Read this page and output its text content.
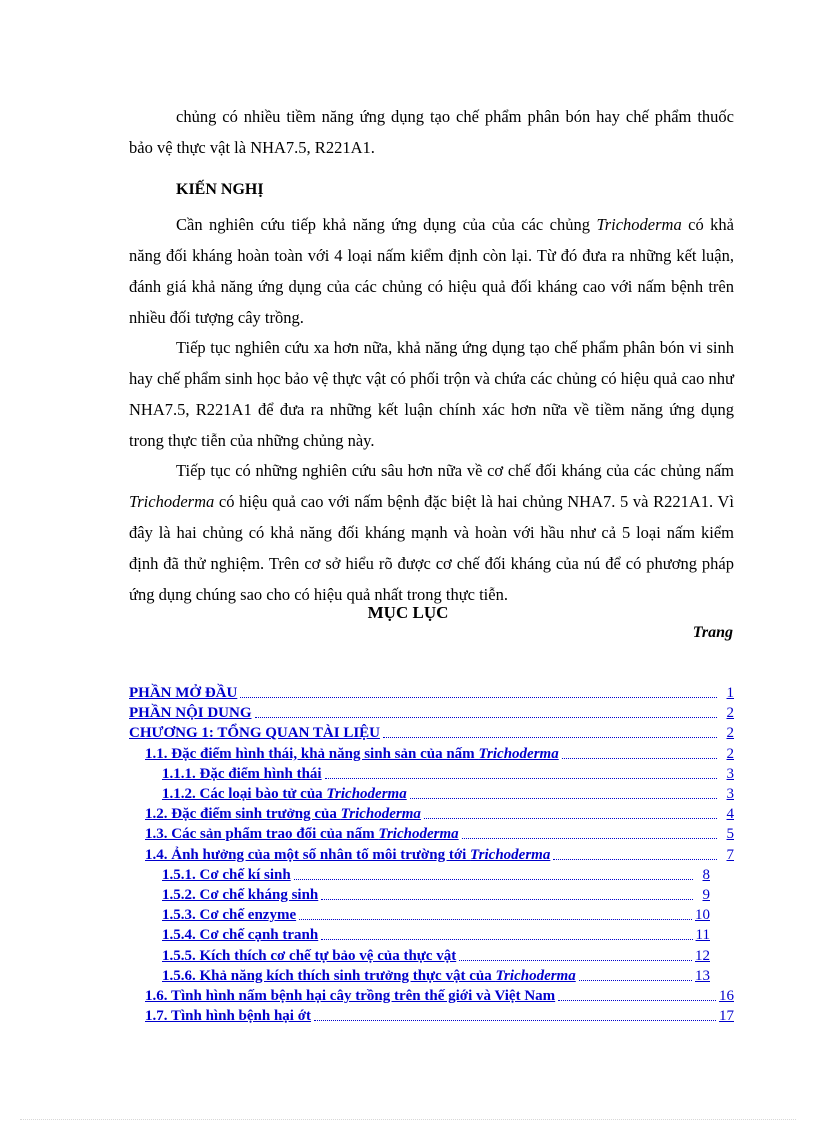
chủng có nhiều tiềm năng ứng dụng tạo chế phẩm phân bón hay chế phẩm thuốc bảo vệ thực vật là NHA7.5, R221A1.

KIẾN NGHỊ

Cần nghiên cứu tiếp khả năng ứng dụng của của các chủng Trichoderma có khả năng đối kháng hoàn toàn với 4 loại nấm kiểm định còn lại. Từ đó đưa ra những kết luận, đánh giá khả năng ứng dụng của các chủng có hiệu quả đối kháng cao với nấm bệnh trên nhiều đối tượng cây trồng.

Tiếp tục nghiên cứu xa hơn nữa, khả năng ứng dụng tạo chế phẩm phân bón vi sinh hay chế phẩm sinh học bảo vệ thực vật có phối trộn và chứa các chủng có hiệu quả cao như NHA7.5, R221A1 để đưa ra những kết luận chính xác hơn nữa về tiềm năng ứng dụng trong thực tiễn của những chủng này.

Tiếp tục có những nghiên cứu sâu hơn nữa về cơ chế đối kháng của các chủng nấm Trichoderma có hiệu quả cao với nấm bệnh đặc biệt là hai chủng NHA7. 5 và R221A1. Vì đây là hai chủng có khả năng đối kháng mạnh và hoàn với hầu như cả 5 loại nấm kiểm định đã thử nghiệm. Trên cơ sở hiểu rõ được cơ chế đối kháng của nú để có phương pháp ứng dụng chúng sao cho có hiệu quả nhất trong thực tiễn.

MỤC LỤC

Trang

PHẦN MỞ ĐẦU	1
PHẦN NỘI DUNG	2
CHƯƠNG 1: TỔNG QUAN TÀI LIỆU	2
1.1. Đặc điểm hình thái, khả năng sinh sản của nấm Trichoderma	2
1.1.1. Đặc điểm hình thái	3
1.1.2. Các loại bào tử của Trichoderma	3
1.2. Đặc điểm sinh trưởng của Trichoderma	4
1.3. Các sản phẩm trao đổi của nấm Trichoderma	5
1.4. Ảnh hưởng của một số nhân tố môi trường tới Trichoderma	7
1.5.1. Cơ chế kí sinh	8
1.5.2. Cơ chế kháng sinh	9
1.5.3. Cơ chế enzyme	10
1.5.4. Cơ chế cạnh tranh	11
1.5.5. Kích thích cơ chế tự bảo vệ của thực vật	12
1.5.6. Khả năng kích thích sinh trưởng thực vật của Trichoderma	13
1.6. Tình hình nấm bệnh hại cây trồng trên thế giới và Việt Nam	16
1.7. Tình hình bệnh hại ớt	17
